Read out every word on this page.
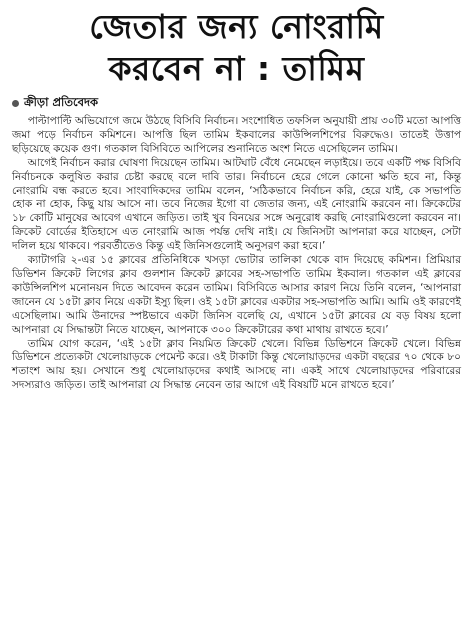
জেতার জন্য নোংরামি
করবেন না : তামিম
ক্রীড়া প্রতিবেদক

পাল্টাপাল্টি অভিযোগে জমে উঠছে বিসিবি নির্বাচন। সংশোধিত তফসিল অনুযায়ী প্রায় ৩০টি মতো আপত্তি জমা পড়ে নির্বাচন কমিশনে। আপত্তি ছিল তামিম ইকবালের কাউন্সিলশিপের বিরুদ্ধেও। তাতেই উত্তাপ ছড়িয়েছে কয়েক গুণ। গতকাল বিসিবিতে আপিলের শুনানিতে অংশ নিতে এসেছিলেন তামিম।

আগেই নির্বাচন করার ঘোষণা দিয়েছেন তামিম। আটঘাট বেঁধে নেমেছেন লড়াইয়ে। তবে একটি পক্ষ বিসিবি নির্বাচনকে কলুষিত করার চেষ্টা করছে বলে দাবি তার। নির্বাচনে হেরে গেলে কোনো ক্ষতি হবে না, কিন্তু নোংরামি বন্ধ করতে হবে। সাংবাদিকদের তামিম বলেন, ‘সঠিকভাবে নির্বাচন করি, হেরে যাই, কে সভাপতি হোক না হোক, কিছু যায় আসে না। তবে নিজের ইগো বা জেতার জন্য, এই নোংরামি করবেন না। ক্রিকেটের ১৮ কোটি মানুষের আবেগ এখানে জড়িত। তাই খুব বিনয়ের সঙ্গে অনুরোধ করছি নোংরামিগুলো করবেন না। ক্রিকেট বোর্ডের ইতিহাসে এত নোংরামি আজ পর্যন্ত দেখি নাই। যে জিনিসটা আপনারা করে যাচ্ছেন, সেটা দলিল হয়ে থাকবে। পরবর্তীতেও কিন্তু এই জিনিসগুলোই অনুসরণ করা হবে।’

ক্যাটাগরি ২-এর ১৫ ক্লাবের প্রতিনিধিকে খসড়া ভোটার তালিকা থেকে বাদ দিয়েছে কমিশন। প্রিমিয়ার ডিভিশন ক্রিকেট লিগের ক্লাব গুলশান ক্রিকেট ক্লাবের সহ-সভাপতি তামিম ইকবাল। গতকাল এই ক্লাবের কাউন্সিলশিপ মনোনয়ন দিতে আবেদন করেন তামিম। বিসিবিতে আসার কারণ নিয়ে তিনি বলেন, ‘আপনারা জানেন যে ১৫টা ক্লাব নিয়ে একটা ইস্যু ছিল। ওই ১৫টা ক্লাবের একটার সহ-সভাপতি আমি। আমি ওই কারণেই এসেছিলাম। আমি উনাদের স্পষ্টভাবে একটা জিনিস বলেছি যে, এখানে ১৫টা ক্লাবের যে বড় বিষয় হলো আপনারা যে সিদ্ধান্তটা নিতে যাচ্ছেন, আপনাকে ৩০০ ক্রিকেটারের কথা মাথায় রাখতে হবে।’

তামিম যোগ করেন, ‘এই ১৫টা ক্লাব নিয়মিত ক্রিকেট খেলে। বিভিন্ন ডিভিশনে ক্রিকেট খেলে। বিভিন্ন ডিভিশনে প্রত্যেকটা খেলোয়াড়কে পেমেন্ট করে। ওই টাকাটা কিন্তু খেলোয়াড়দের একটা বছরের ৭০ থেকে ৮০ শতাংশ আয় হয়। সেখানে শুধু খেলোয়াড়দের কথাই আসছে না। একই সাথে খেলোয়াড়দের পরিবারের সদস্যরাও জড়িত। তাই আপনারা যে সিদ্ধান্ত নেবেন তার আগে এই বিষয়টি মনে রাখতে হবে।’
